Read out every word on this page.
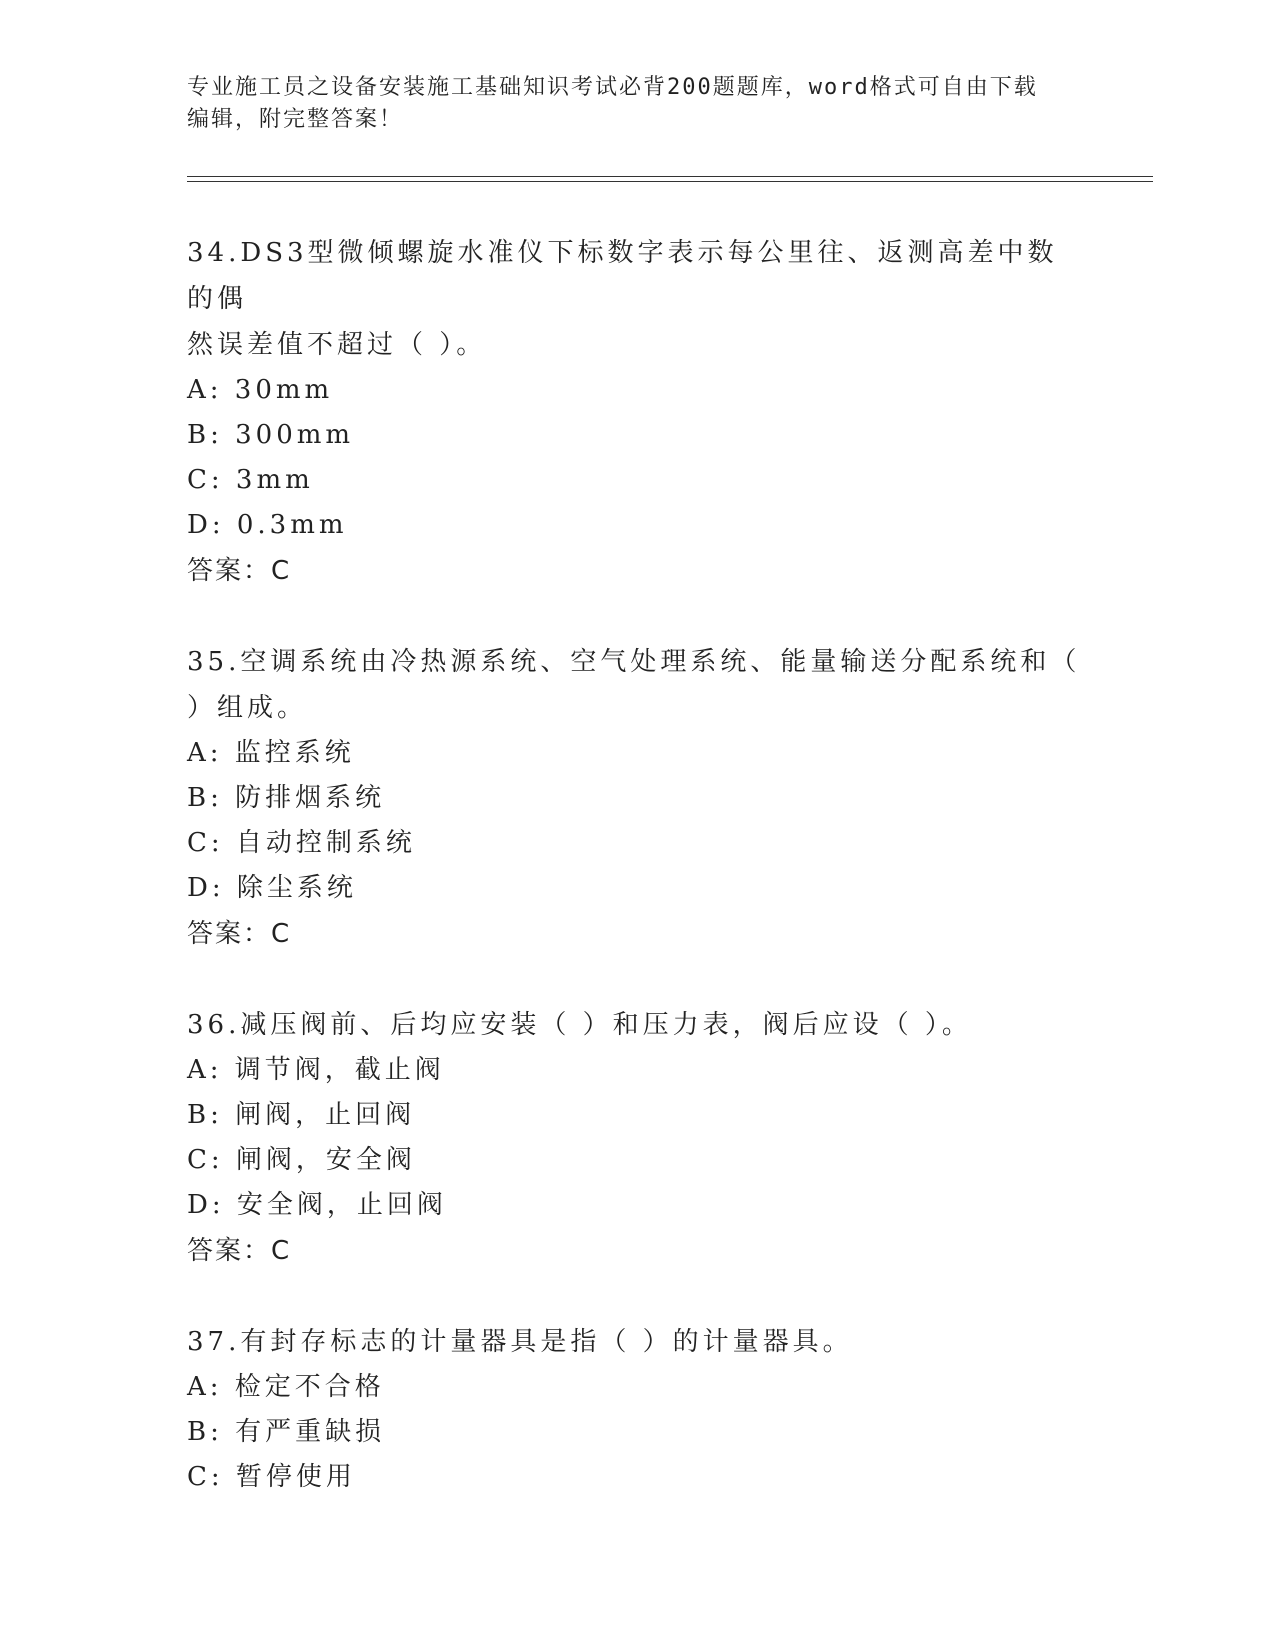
专业施工员之设备安装施工基础知识考试必背200题题库，word格式可自由下载
编辑，附完整答案！

34.DS3型微倾螺旋水准仪下标数字表示每公里往、返测高差中数的偶

然误差值不超过（ ）。

A: 30mm

B: 300mm

C: 3mm

D: 0.3mm

答案：C

35.空调系统由冷热源系统、空气处理系统、能量输送分配系统和（

）组成。

A: 监控系统

B: 防排烟系统

C: 自动控制系统

D: 除尘系统

答案：C

36.减压阀前、后均应安装（ ）和压力表，阀后应设（ ）。

A: 调节阀，截止阀

B: 闸阀，止回阀

C: 闸阀，安全阀

D: 安全阀，止回阀

答案：C

37.有封存标志的计量器具是指（ ）的计量器具。

A: 检定不合格

B: 有严重缺损

C: 暂停使用
